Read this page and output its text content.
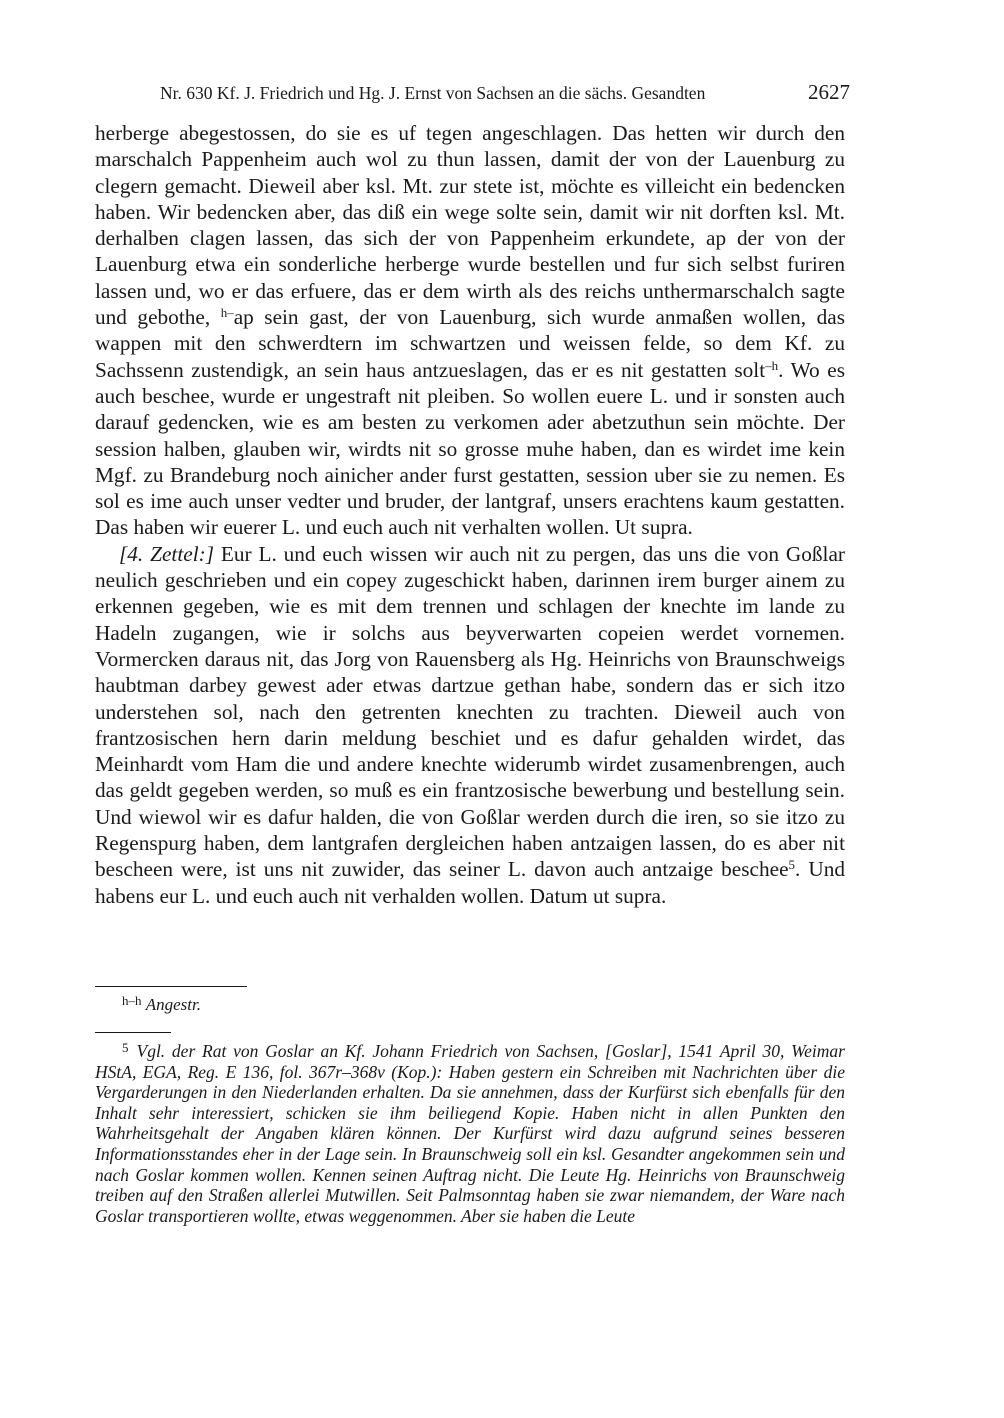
Nr. 630 Kf. J. Friedrich und Hg. J. Ernst von Sachsen an die sächs. Gesandten	2627

herberge abegestossen, do sie es uf tegen angeschlagen. Das hetten wir durch den marschalch Pappenheim auch wol zu thun lassen, damit der von der Lauenburg zu clegern gemacht. Dieweil aber ksl. Mt. zur stete ist, möchte es villeicht ein bedencken haben. Wir bedencken aber, das diß ein wege solte sein, damit wir nit dorften ksl. Mt. derhalben clagen lassen, das sich der von Pappenheim erkundete, ap der von der Lauenburg etwa ein sonderliche herberge wurde bestellen und fur sich selbst furiren lassen und, wo er das erfuere, das er dem wirth als des reichs unthermarschalch sagte und gebothe, $^{h-}$ap sein gast, der von Lauenburg, sich wurde anmaßen wollen, das wappen mit den schwerdtern im schwartzen und weissen felde, so dem Kf. zu Sachssenn zustendigk, an sein haus antzueslagen, das er es nit gestatten solt$^{-h}$. Wo es auch beschee, wurde er ungestraft nit pleiben. So wollen euere L. und ir sonsten auch darauf gedencken, wie es am besten zu verkomen ader abetzuthun sein möchte. Der session halben, glauben wir, wirdts nit so grosse muhe haben, dan es wirdet ime kein Mgf. zu Brandeburg noch ainicher ander furst gestatten, session uber sie zu nemen. Es sol es ime auch unser vedter und bruder, der lantgraf, unsers erachtens kaum gestatten. Das haben wir euerer L. und euch auch nit verhalten wollen. Ut supra.

[4. Zettel:] Eur L. und euch wissen wir auch nit zu pergen, das uns die von Goßlar neulich geschrieben und ein copey zugeschickt haben, darinnen irem burger ainem zu erkennen gegeben, wie es mit dem trennen und schlagen der knechte im lande zu Hadeln zugangen, wie ir solchs aus beyverwarten copeien werdet vornemen. Vormercken daraus nit, das Jorg von Rauensberg als Hg. Heinrichs von Braunschweigs haubtman darbey gewest ader etwas dartzue gethan habe, sondern das er sich itzo understehen sol, nach den getrenten knechten zu trachten. Dieweil auch von frantzosischen hern darin meldung beschiet und es dafur gehalden wirdet, das Meinhardt vom Ham die und andere knechte widerumb wirdet zusamenbrengen, auch das geldt gegeben werden, so muß es ein frantzosische bewerbung und bestellung sein. Und wiewol wir es dafur halden, die von Goßlar werden durch die iren, so sie itzo zu Regenspurg haben, dem lantgrafen dergleichen haben antzaigen lassen, do es aber nit bescheen were, ist uns nit zuwider, das seiner L. davon auch antzaige beschee$^5$. Und habens eur L. und euch auch nit verhalden wollen. Datum ut supra.

$^{h-h}$ Angestr.
$^5$ Vgl. der Rat von Goslar an Kf. Johann Friedrich von Sachsen, [Goslar], 1541 April 30, Weimar HStA, EGA, Reg. E 136, fol. 367r–368v (Kop.): Haben gestern ein Schreiben mit Nachrichten über die Vergarderungen in den Niederlanden erhalten. Da sie annehmen, dass der Kurfürst sich ebenfalls für den Inhalt sehr interessiert, schicken sie ihm beiliegend Kopie. Haben nicht in allen Punkten den Wahrheitsgehalt der Angaben klären können. Der Kurfürst wird dazu aufgrund seines besseren Informationsstandes eher in der Lage sein. In Braunschweig soll ein ksl. Gesandter angekommen sein und nach Goslar kommen wollen. Kennen seinen Auftrag nicht. Die Leute Hg. Heinrichs von Braunschweig treiben auf den Straßen allerlei Mutwillen. Seit Palmsonntag haben sie zwar niemandem, der Ware nach Goslar transportieren wollte, etwas weggenommen. Aber sie haben die Leute
